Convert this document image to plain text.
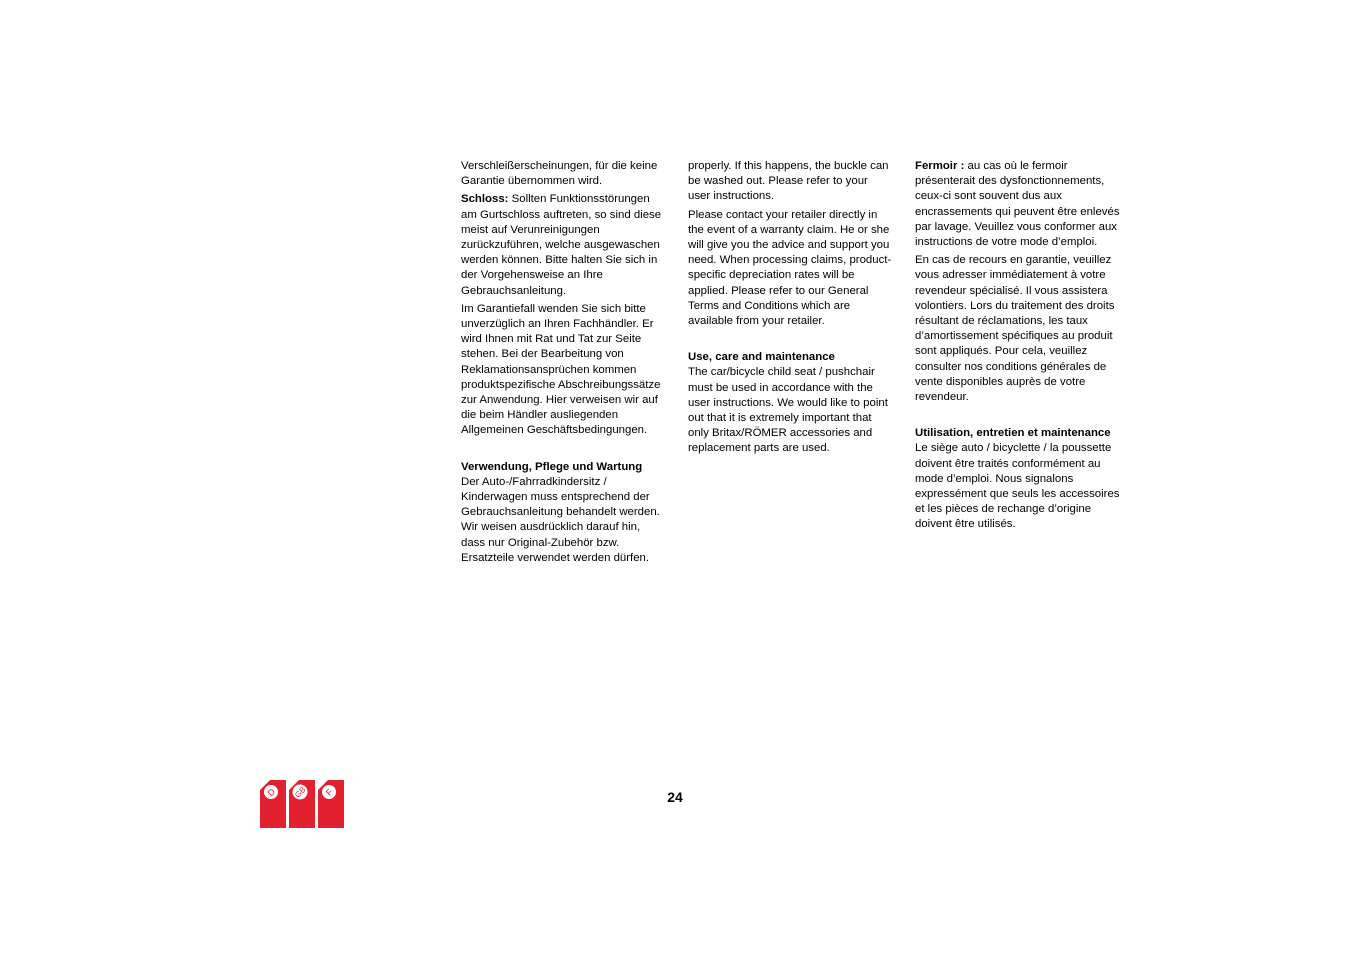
Verschleißerscheinungen, für die keine Garantie übernommen wird.

Schloss: Sollten Funktionsstörungen am Gurtschloss auftreten, so sind diese meist auf Verunreinigungen zurückzuführen, welche ausgewaschen werden können. Bitte halten Sie sich in der Vorgehensweise an Ihre Gebrauchsanleitung.

Im Garantiefall wenden Sie sich bitte unverzüglich an Ihren Fachhändler. Er wird Ihnen mit Rat und Tat zur Seite stehen. Bei der Bearbeitung von Reklamationsansprüchen kommen produktspezifische Abschreibungssätze zur Anwendung. Hier verweisen wir auf die beim Händler ausliegenden Allgemeinen Geschäftsbedingungen.

Verwendung, Pflege und Wartung

Der Auto-/Fahrradkindersitz / Kinderwagen muss entsprechend der Gebrauchsanleitung behandelt werden. Wir weisen ausdrücklich darauf hin, dass nur Original-Zubehör bzw. Ersatzteile verwendet werden dürfen.

properly. If this happens, the buckle can be washed out. Please refer to your user instructions.

Please contact your retailer directly in the event of a warranty claim. He or she will give you the advice and support you need. When processing claims, product-specific depreciation rates will be applied. Please refer to our General Terms and Conditions which are available from your retailer.

Use, care and maintenance

The car/bicycle child seat / pushchair must be used in accordance with the user instructions. We would like to point out that it is extremely important that only Britax/RÖMER accessories and replacement parts are used.

Fermoir : au cas où le fermoir présenterait des dysfonctionnements, ceux-ci sont souvent dus aux encrassements qui peuvent être enlevés par lavage. Veuillez vous conformer aux instructions de votre mode d’emploi.

En cas de recours en garantie, veuillez vous adresser immédiatement à votre revendeur spécialisé. Il vous assistera volontiers. Lors du traitement des droits résultant de réclamations, les taux d’amortissement spécifiques au produit sont appliqués. Pour cela, veuillez consulter nos conditions générales de vente disponibles auprès de votre revendeur.

Utilisation, entretien et maintenance

Le siège auto / bicyclette / la poussette doivent être traités conformément au mode d’emploi. Nous signalons expressément que seuls les accessoires et les pièces de rechange d’origine doivent être utilisés.

24
D GB F
